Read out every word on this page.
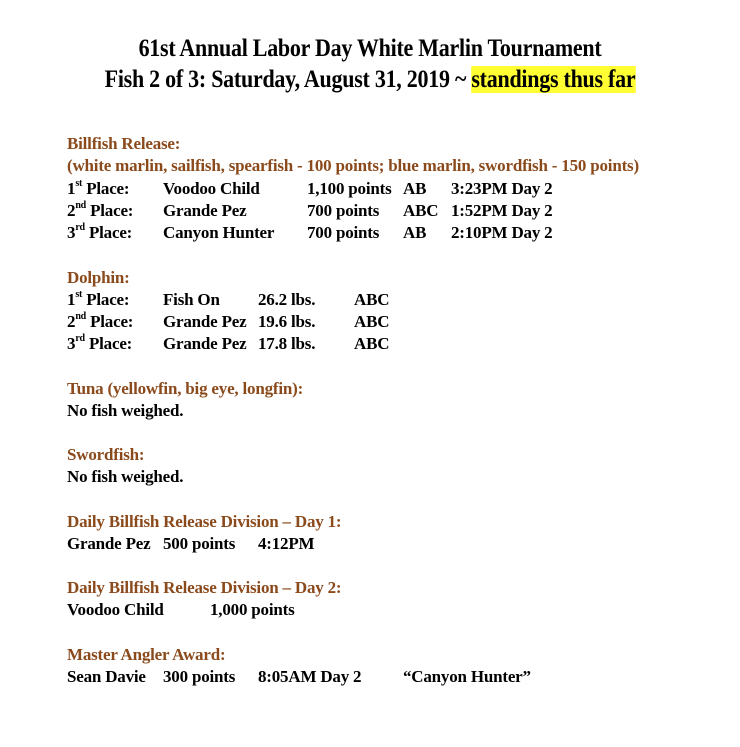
61st Annual Labor Day White Marlin Tournament
Fish 2 of 3: Saturday, August 31, 2019 ~ standings thus far
Billfish Release:
(white marlin, sailfish, spearfish - 100 points; blue marlin, swordfish - 150 points)
1st Place: Voodoo Child	1,100 points AB 3:23PM Day 2
2nd Place: Grande Pez	700 points ABC 1:52PM Day 2
3rd Place: Canyon Hunter 700 points AB 2:10PM Day 2
Dolphin:
1st Place: Fish On 26.2 lbs. ABC
2nd Place: Grande Pez 19.6 lbs. ABC
3rd Place: Grande Pez 17.8 lbs. ABC
Tuna (yellowfin, big eye, longfin):
No fish weighed.
Swordfish:
No fish weighed.
Daily Billfish Release Division – Day 1:
Grande Pez 500 points 4:12PM
Daily Billfish Release Division – Day 2:
Voodoo Child	1,000 points
Master Angler Award:
Sean Davie 300 points 8:05AM Day 2 “Canyon Hunter”
